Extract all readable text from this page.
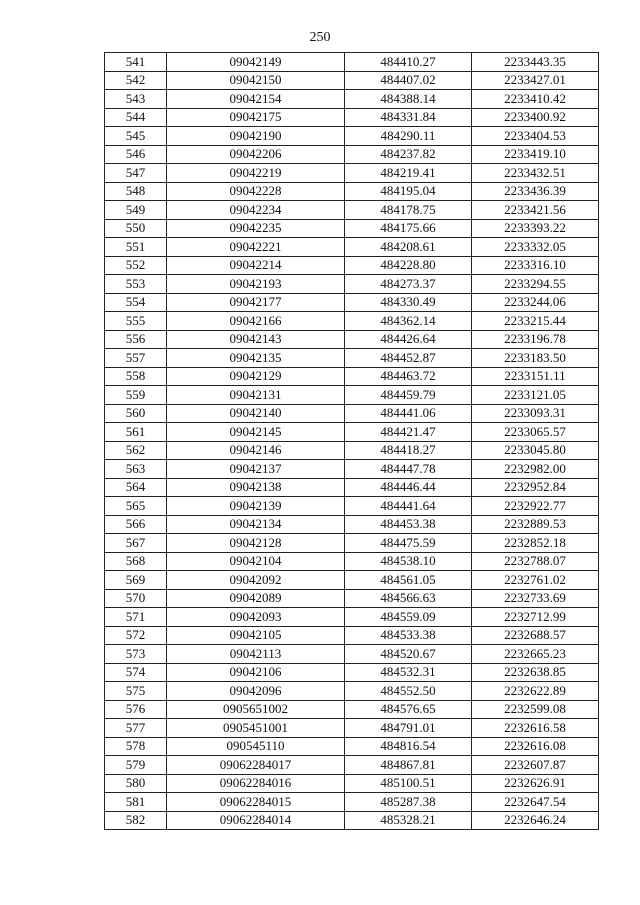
250
541	09042149	484410.27	2233443.35
542	09042150	484407.02	2233427.01
543	09042154	484388.14	2233410.42
544	09042175	484331.84	2233400.92
545	09042190	484290.11	2233404.53
546	09042206	484237.82	2233419.10
547	09042219	484219.41	2233432.51
548	09042228	484195.04	2233436.39
549	09042234	484178.75	2233421.56
550	09042235	484175.66	2233393.22
551	09042221	484208.61	2233332.05
552	09042214	484228.80	2233316.10
553	09042193	484273.37	2233294.55
554	09042177	484330.49	2233244.06
555	09042166	484362.14	2233215.44
556	09042143	484426.64	2233196.78
557	09042135	484452.87	2233183.50
558	09042129	484463.72	2233151.11
559	09042131	484459.79	2233121.05
560	09042140	484441.06	2233093.31
561	09042145	484421.47	2233065.57
562	09042146	484418.27	2233045.80
563	09042137	484447.78	2232982.00
564	09042138	484446.44	2232952.84
565	09042139	484441.64	2232922.77
566	09042134	484453.38	2232889.53
567	09042128	484475.59	2232852.18
568	09042104	484538.10	2232788.07
569	09042092	484561.05	2232761.02
570	09042089	484566.63	2232733.69
571	09042093	484559.09	2232712.99
572	09042105	484533.38	2232688.57
573	09042113	484520.67	2232665.23
574	09042106	484532.31	2232638.85
575	09042096	484552.50	2232622.89
576	0905651002	484576.65	2232599.08
577	0905451001	484791.01	2232616.58
578	090545110	484816.54	2232616.08
579	09062284017	484867.81	2232607.87
580	09062284016	485100.51	2232626.91
581	09062284015	485287.38	2232647.54
582	09062284014	485328.21	2232646.24
